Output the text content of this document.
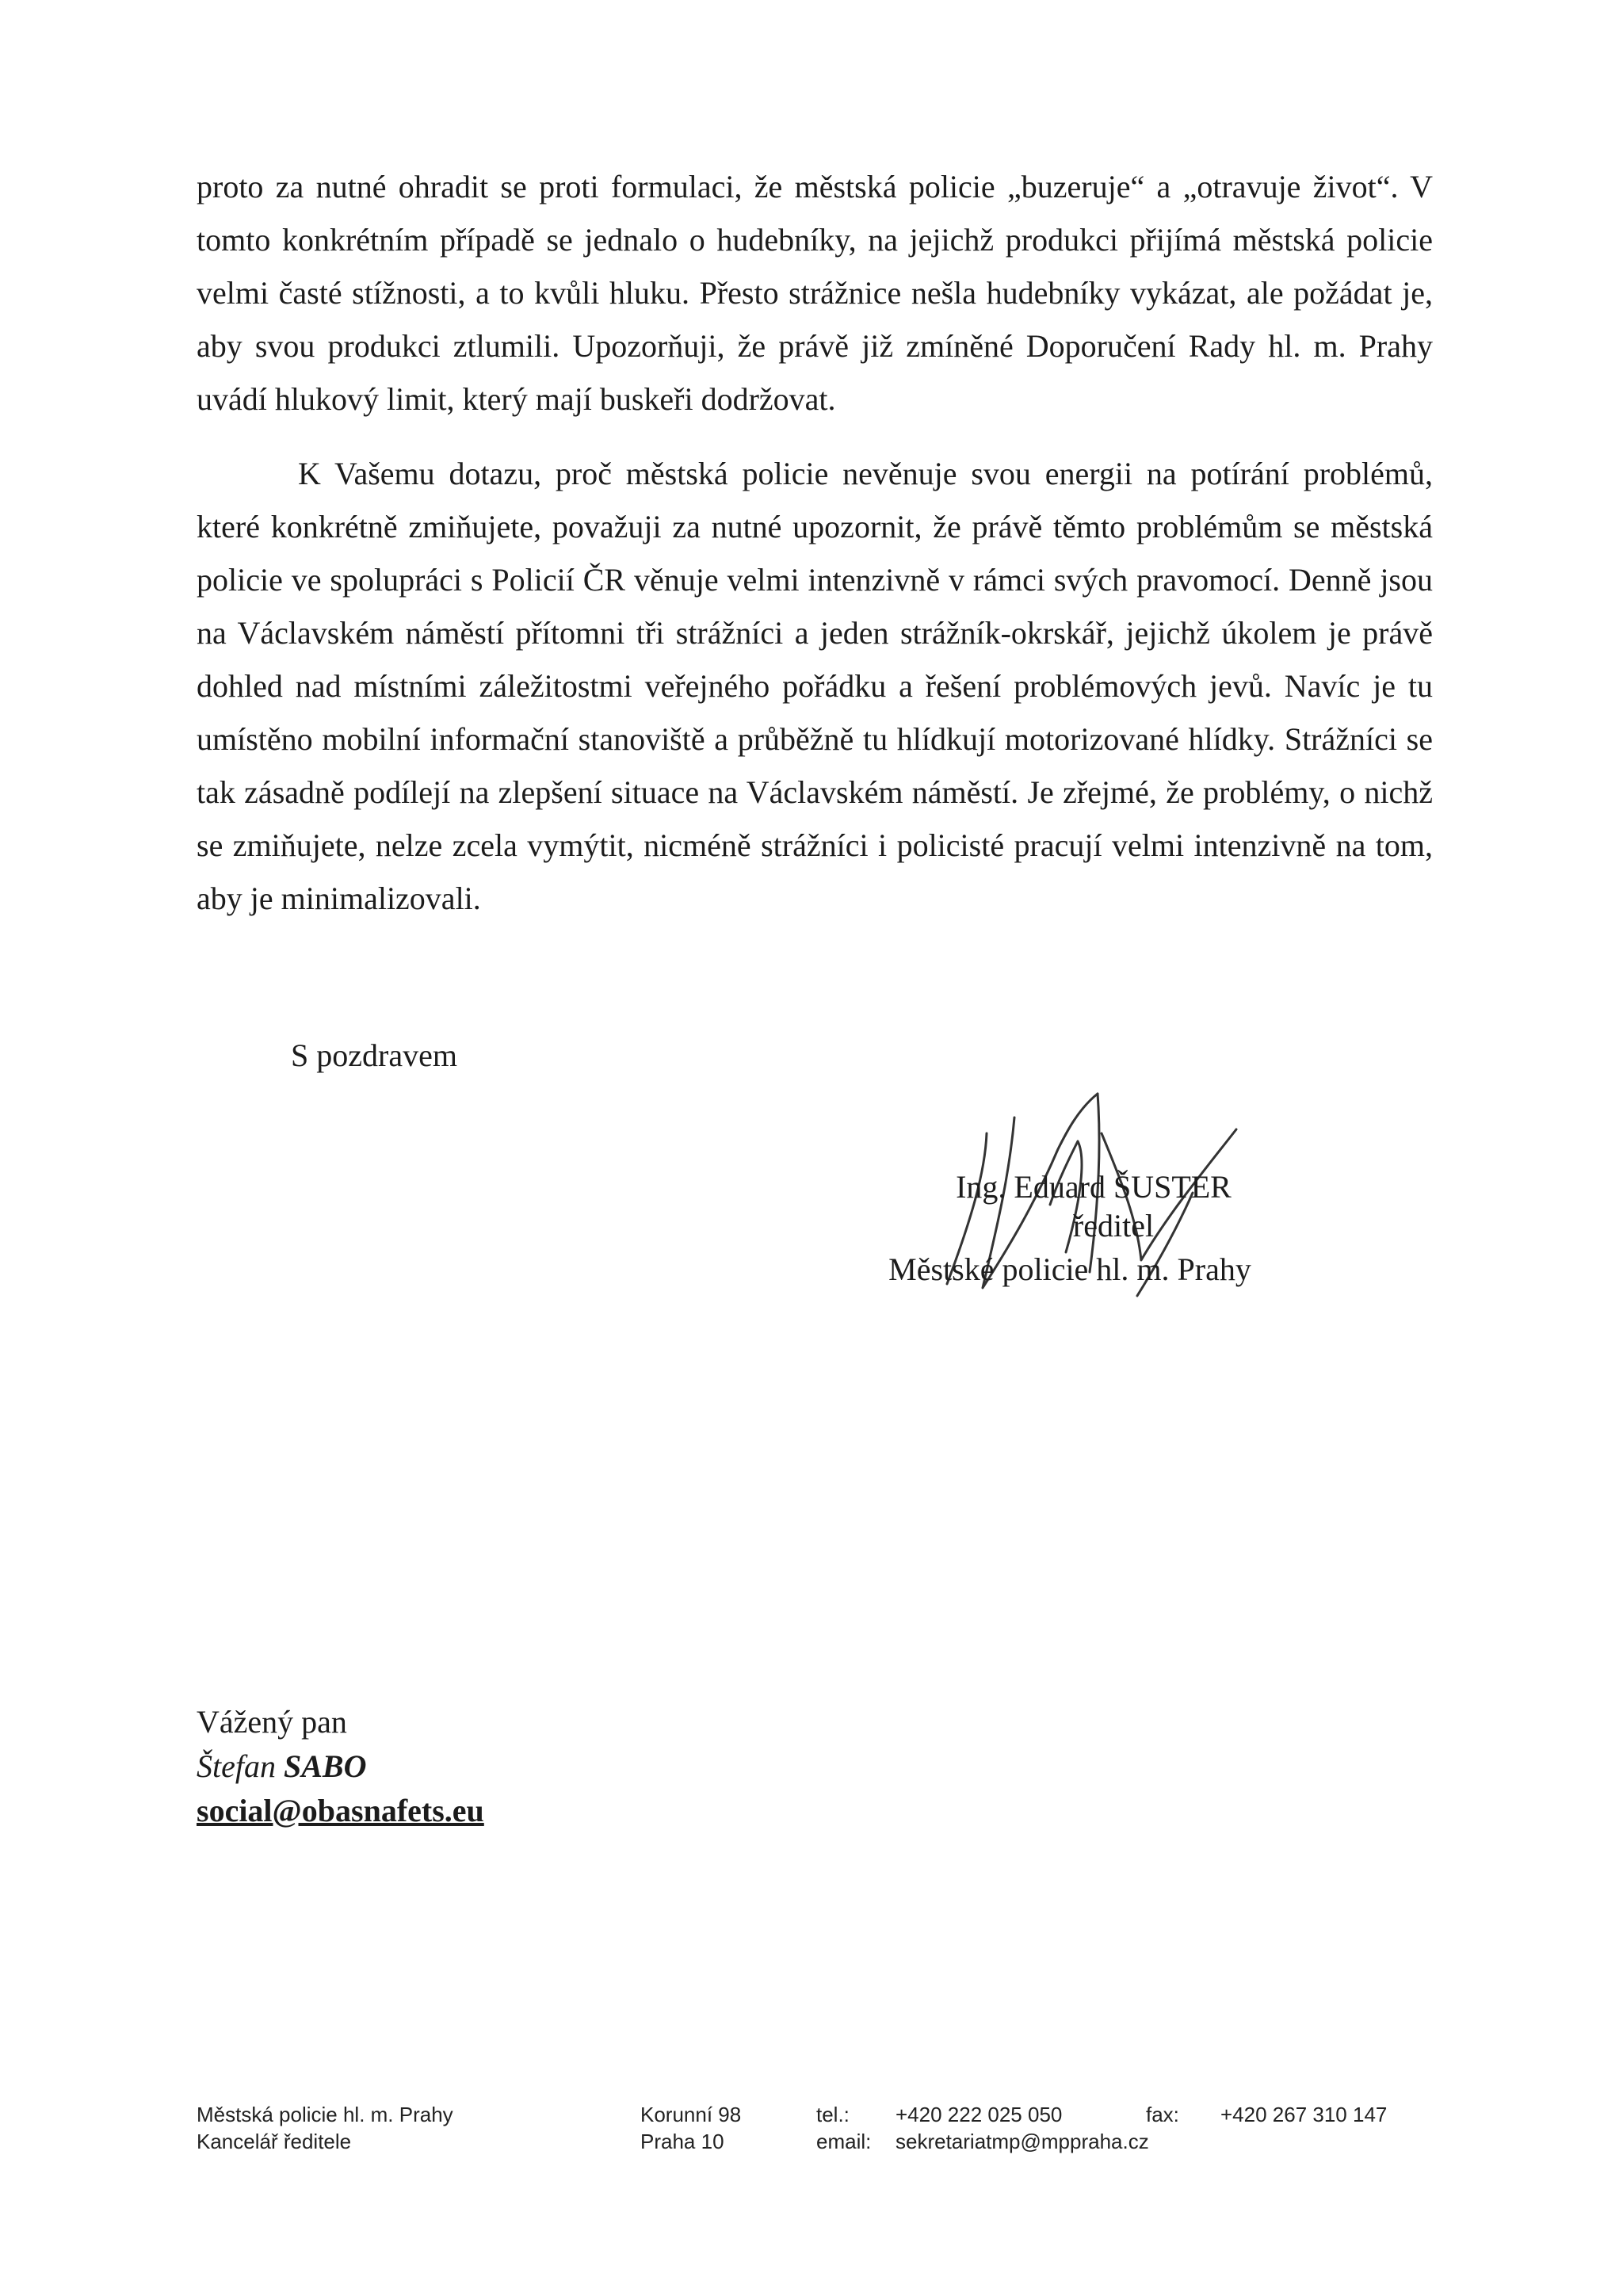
proto za nutné ohradit se proti formulaci, že městská policie „buzeruje“ a „otravuje život“. V tomto konkrétním případě se jednalo o hudebníky, na jejichž produkci přijímá městská policie velmi časté stížnosti, a to kvůli hluku. Přesto strážnice nešla hudebníky vykázat, ale požádat je, aby svou produkci ztlumili. Upozorňuji, že právě již zmíněné Doporučení Rady hl. m. Prahy uvádí hlukový limit, který mají buskeři dodržovat.
K Vašemu dotazu, proč městská policie nevěnuje svou energii na potírání problémů, které konkrétně zmiňujete, považuji za nutné upozornit, že právě těmto problémům se městská policie ve spolupráci s Policií ČR věnuje velmi intenzivně v rámci svých pravomocí. Denně jsou na Václavském náměstí přítomni tři strážníci a jeden strážník-okrskář, jejichž úkolem je právě dohled nad místními záležitostmi veřejného pořádku a řešení problémových jevů. Navíc je tu umístěno mobilní informační stanoviště a průběžně tu hlídkují motorizované hlídky. Strážníci se tak zásadně podílejí na zlepšení situace na Václavském náměstí. Je zřejmé, že problémy, o nichž se zmiňujete, nelze zcela vymýtit, nicméně strážníci i policisté pracují velmi intenzivně na tom, aby je minimalizovali.
S pozdravem
Ing. Eduard ŠUSTER
ředitel
Městské policie hl. m. Prahy
Vážený pan
Štefan SABO
social@obasnafets.eu
Městská policie hl. m. Prahy
Kancelář ředitele
Korunní 98
Praha 10
tel.:
email:
+420 222 025 050
sekretariatmp@mppraha.cz
fax: +420 267 310 147
